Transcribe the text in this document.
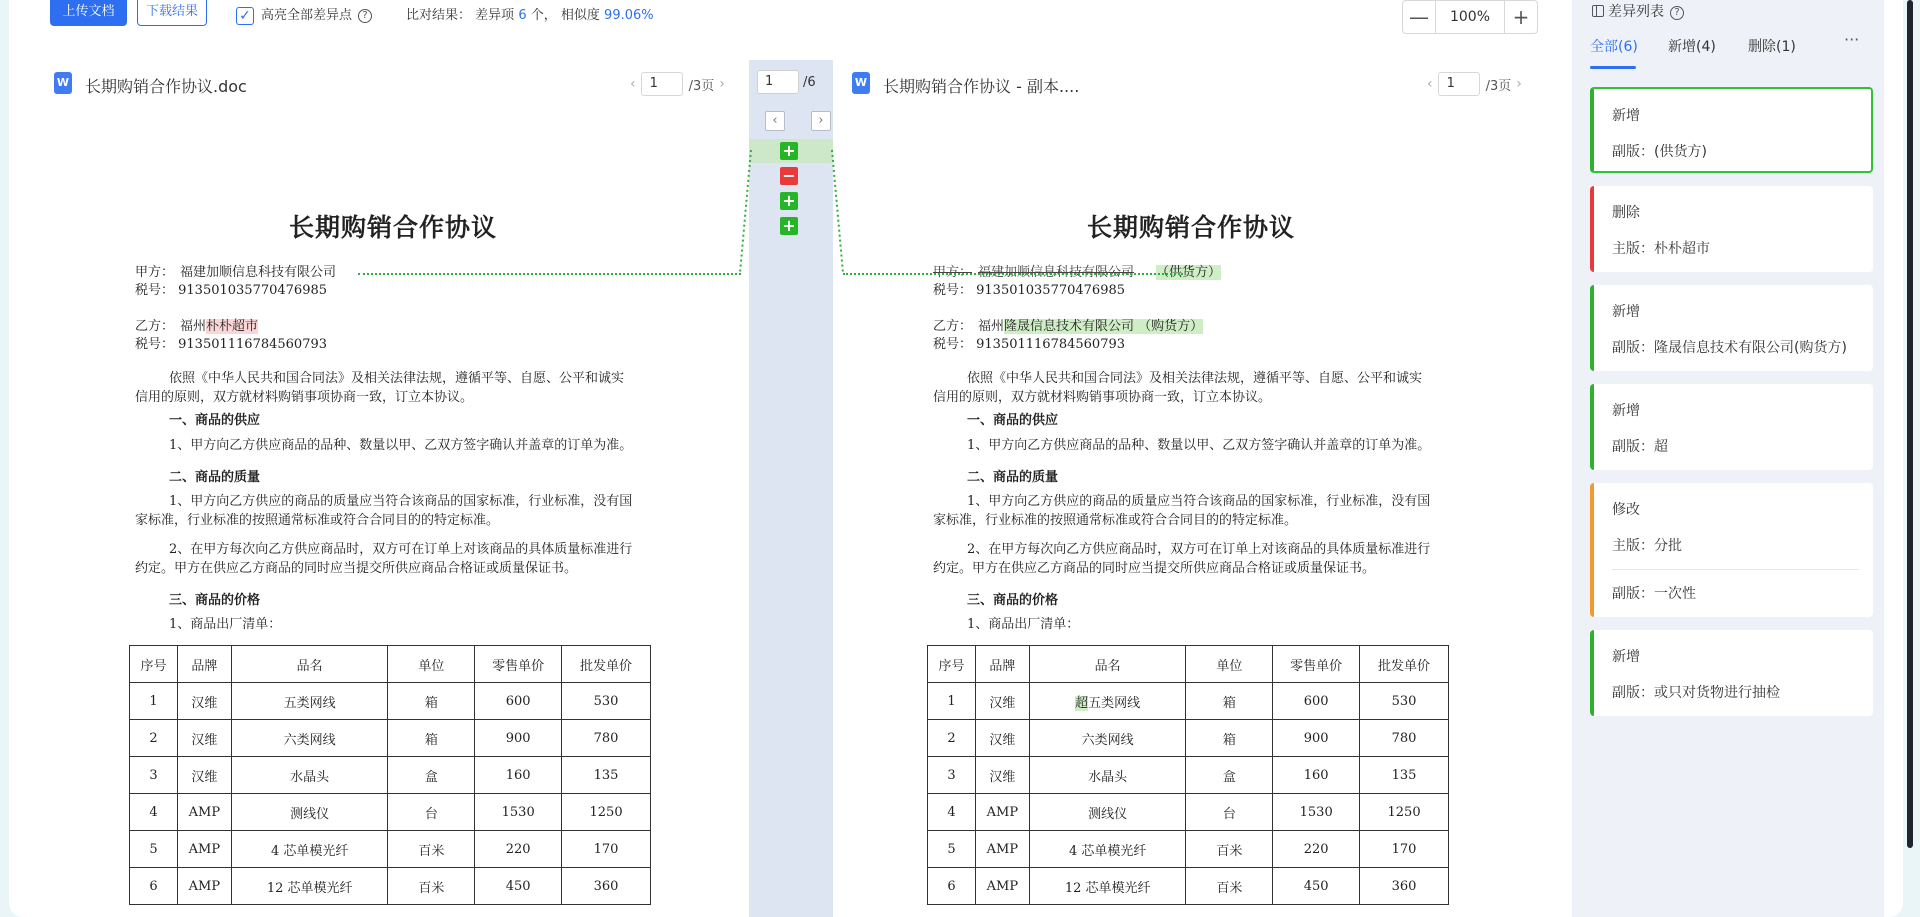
上传文档	下载结果	✓ 高亮全部差异点 ?	比对结果： 差异项 6 个， 相似度 99.06%	—	100%	+
W 长期购销合作协议.doc	‹	1	/3页 ›	1	/6
‹	›
+
−
+
+
W 长期购销合作协议 - 副本....	‹	1	/3页 ›
长期购销合作协议
甲方： 福建加顺信息科技有限公司
税号： 913501035770476985
乙方： 福州朴朴超市
税号： 913501116784560793
依照《中华人民共和国合同法》及相关法律法规，遵循平等、自愿、公平和诚实
信用的原则，双方就材料购销事项协商一致，订立本协议。
一、商品的供应
1、甲方向乙方供应商品的品种、数量以甲、乙双方签字确认并盖章的订单为准。
二、商品的质量
1、甲方向乙方供应的商品的质量应当符合该商品的国家标准，行业标准，没有国
家标准，行业标准的按照通常标准或符合合同目的的特定标准。
2、在甲方每次向乙方供应商品时，双方可在订单上对该商品的具体质量标准进行
约定。甲方在供应乙方商品的同时应当提交所供应商品合格证或质量保证书。
三、商品的价格
1、商品出厂清单：
序号	品牌	品名	单位	零售单价	批发单价
1	汉维	五类网线	箱	600	530
2	汉维	六类网线	箱	900	780
3	汉维	水晶头	盒	160	135
4	AMP	测线仪	台	1530	1250
5	AMP	4 芯单模光纤	百米	220	170
6	AMP	12 芯单模光纤	百米	450	360
长期购销合作协议
甲方： 福建加顺信息科技有限公司 （供货方）
税号： 913501035770476985
乙方： 福州隆晟信息技术有限公司 （购货方）
税号： 913501116784560793
依照《中华人民共和国合同法》及相关法律法规，遵循平等、自愿、公平和诚实
信用的原则，双方就材料购销事项协商一致，订立本协议。
一、商品的供应
1、甲方向乙方供应商品的品种、数量以甲、乙双方签字确认并盖章的订单为准。
二、商品的质量
1、甲方向乙方供应的商品的质量应当符合该商品的国家标准，行业标准，没有国
家标准，行业标准的按照通常标准或符合合同目的的特定标准。
2、在甲方每次向乙方供应商品时，双方可在订单上对该商品的具体质量标准进行
约定。甲方在供应乙方商品的同时应当提交所供应商品合格证或质量保证书。
三、商品的价格
1、商品出厂清单：
序号	品牌	品名	单位	零售单价	批发单价
1	汉维	超五类网线	箱	600	530
2	汉维	六类网线	箱	900	780
3	汉维	水晶头	盒	160	135
4	AMP	测线仪	台	1530	1250
5	AMP	4 芯单模光纤	百米	220	170
6	AMP	12 芯单模光纤	百米	450	360
差异列表 ?
全部(6) 新增(4) 删除(1)	···
新增
副版：(供货方)
删除
主版：朴朴超市
新增
副版：隆晟信息技术有限公司(购货方)
新增
副版：超
修改
主版：分批
副版：一次性
新增
副版：或只对货物进行抽检
